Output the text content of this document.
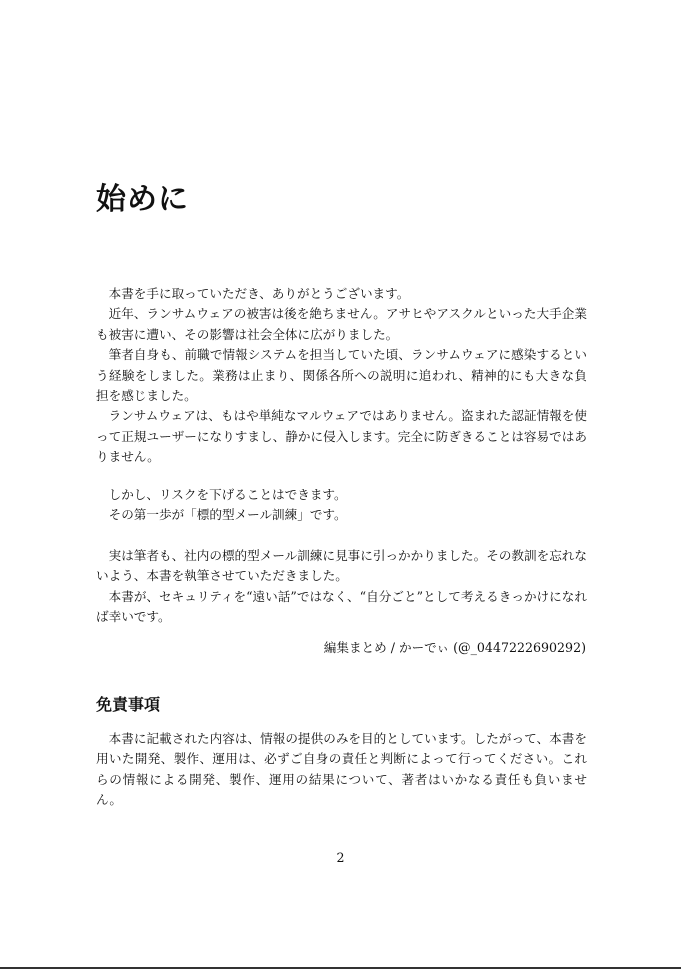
始めに

本書を手に取っていただき、ありがとうございます。

近年、ランサムウェアの被害は後を絶ちません。アサヒやアスクルといった大手企業も被害に遭い、その影響は社会全体に広がりました。

筆者自身も、前職で情報システムを担当していた頃、ランサムウェアに感染するという経験をしました。業務は止まり、関係各所への説明に追われ、精神的にも大きな負担を感じました。

ランサムウェアは、もはや単純なマルウェアではありません。盗まれた認証情報を使って正規ユーザーになりすまし、静かに侵入します。完全に防ぎきることは容易ではありません。

しかし、リスクを下げることはできます。

その第一歩が「標的型メール訓練」です。

実は筆者も、社内の標的型メール訓練に見事に引っかかりました。その教訓を忘れないよう、本書を執筆させていただきました。

本書が、セキュリティを“遠い話”ではなく、“自分ごと”として考えるきっかけになれば幸いです。

編集まとめ / かーでぃ (@_0447222690292)
免責事項

本書に記載された内容は、情報の提供のみを目的としています。したがって、本書を用いた開発、製作、運用は、必ずご自身の責任と判断によって行ってください。これらの情報による開発、製作、運用の結果について、著者はいかなる責任も負いません。

2
